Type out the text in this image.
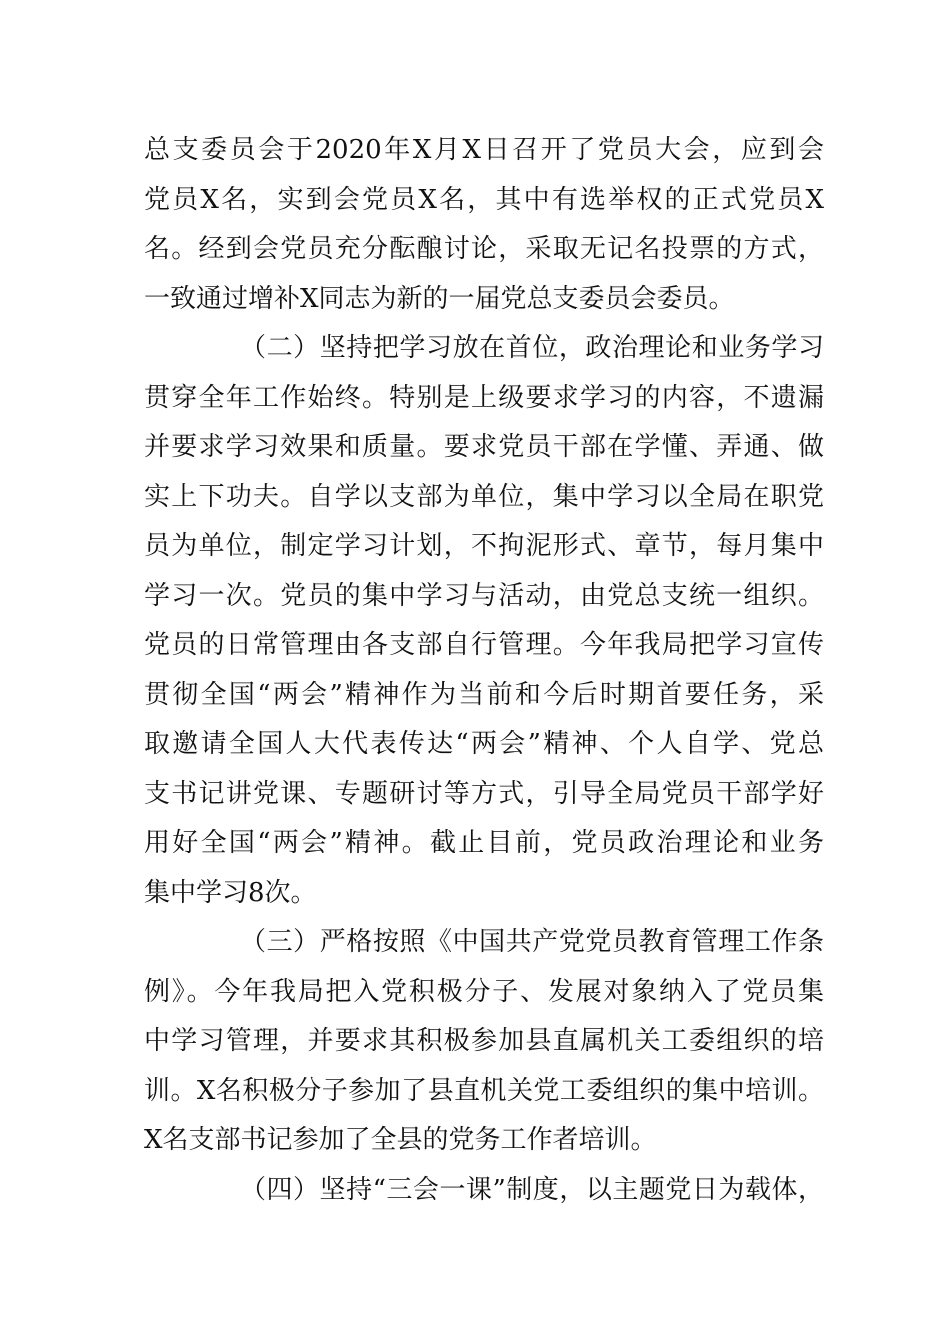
总支委员会于2020年X月X日召开了党员大会，应到会
党员X名，实到会党员X名，其中有选举权的正式党员X
名。经到会党员充分酝酿讨论，采取无记名投票的方式，
一致通过增补X同志为新的一届党总支委员会委员。
（二）坚持把学习放在首位，政治理论和业务学习
贯穿全年工作始终。特别是上级要求学习的内容，不遗漏
并要求学习效果和质量。要求党员干部在学懂、弄通、做
实上下功夫。自学以支部为单位，集中学习以全局在职党
员为单位，制定学习计划，不拘泥形式、章节，每月集中
学习一次。党员的集中学习与活动，由党总支统一组织。
党员的日常管理由各支部自行管理。今年我局把学习宣传
贯彻全国“两会”精神作为当前和今后时期首要任务，采
取邀请全国人大代表传达“两会”精神、个人自学、党总
支书记讲党课、专题研讨等方式，引导全局党员干部学好
用好全国“两会”精神。截止目前，党员政治理论和业务
集中学习8次。
（三）严格按照《中国共产党党员教育管理工作条
例》。今年我局把入党积极分子、发展对象纳入了党员集
中学习管理，并要求其积极参加县直属机关工委组织的培
训。X名积极分子参加了县直机关党工委组织的集中培训。
X名支部书记参加了全县的党务工作者培训。
（四）坚持“三会一课”制度，以主题党日为载体，
